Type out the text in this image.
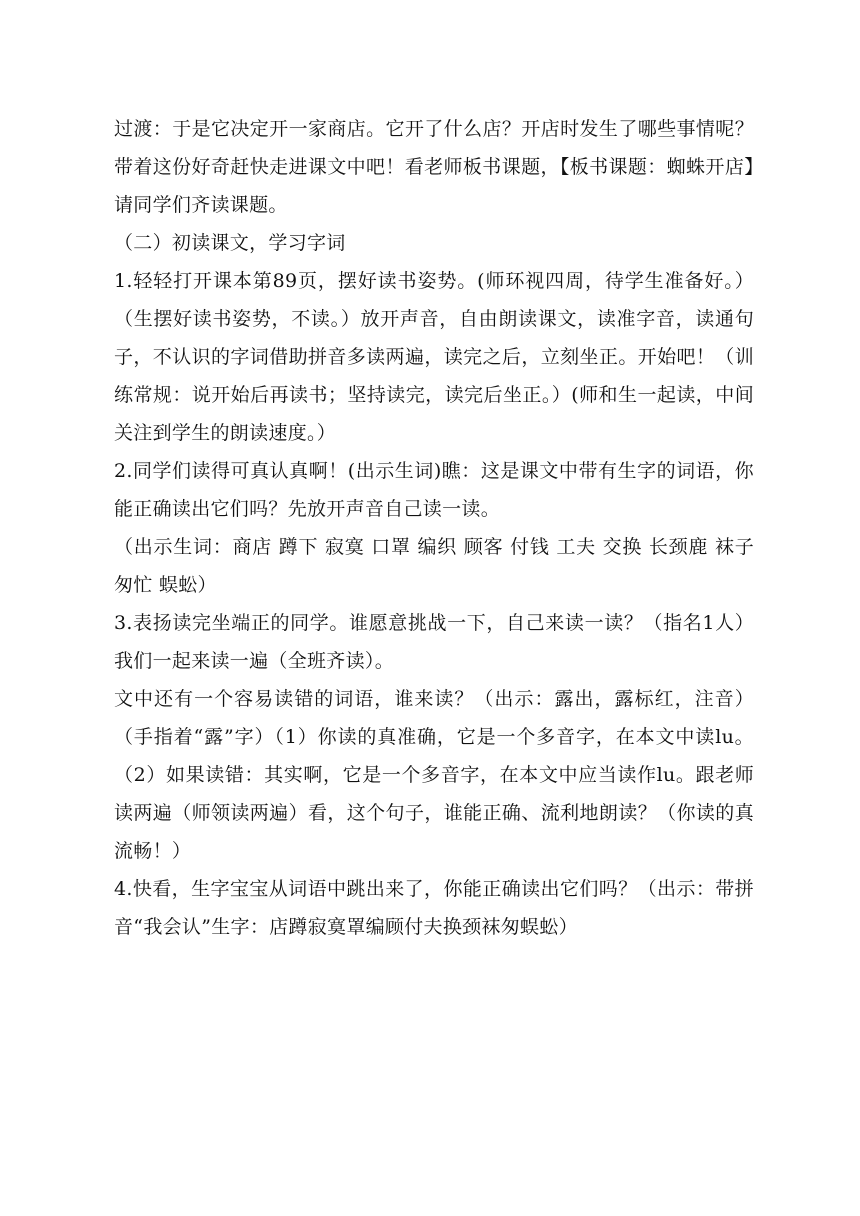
过渡：于是它决定开一家商店。它开了什么店？开店时发生了哪些事情呢？带着这份好奇赶快走进课文中吧！看老师板书课题，【板书课题：蜘蛛开店】请同学们齐读课题。

（二）初读课文，学习字词

1.轻轻打开课本第89页，摆好读书姿势。(师环视四周，待学生准备好。）（生摆好读书姿势，不读。）放开声音，自由朗读课文，读准字音，读通句子，不认识的字词借助拼音多读两遍，读完之后，立刻坐正。开始吧！（训练常规：说开始后再读书；坚持读完，读完后坐正。）(师和生一起读，中间关注到学生的朗读速度。）

2.同学们读得可真认真啊！(出示生词)瞧：这是课文中带有生字的词语，你能正确读出它们吗？先放开声音自己读一读。

（出示生词：商店 蹲下 寂寞 口罩 编织 顾客 付钱 工夫 交换 长颈鹿 袜子 匆忙 蜈蚣）

3.表扬读完坐端正的同学。谁愿意挑战一下，自己来读一读？（指名1人）我们一起来读一遍（全班齐读）。

文中还有一个容易读错的词语，谁来读？（出示：露出，露标红，注音）（手指着“露”字）（1）你读的真准确，它是一个多音字，在本文中读lu。（2）如果读错：其实啊，它是一个多音字，在本文中应当读作lu。跟老师读两遍（师领读两遍）看，这个句子，谁能正确、流利地朗读？（你读的真流畅！）

4.快看，生字宝宝从词语中跳出来了，你能正确读出它们吗？（出示：带拼音“我会认”生字：店蹲寂寞罩编顾付夫换颈袜匆蜈蚣）
